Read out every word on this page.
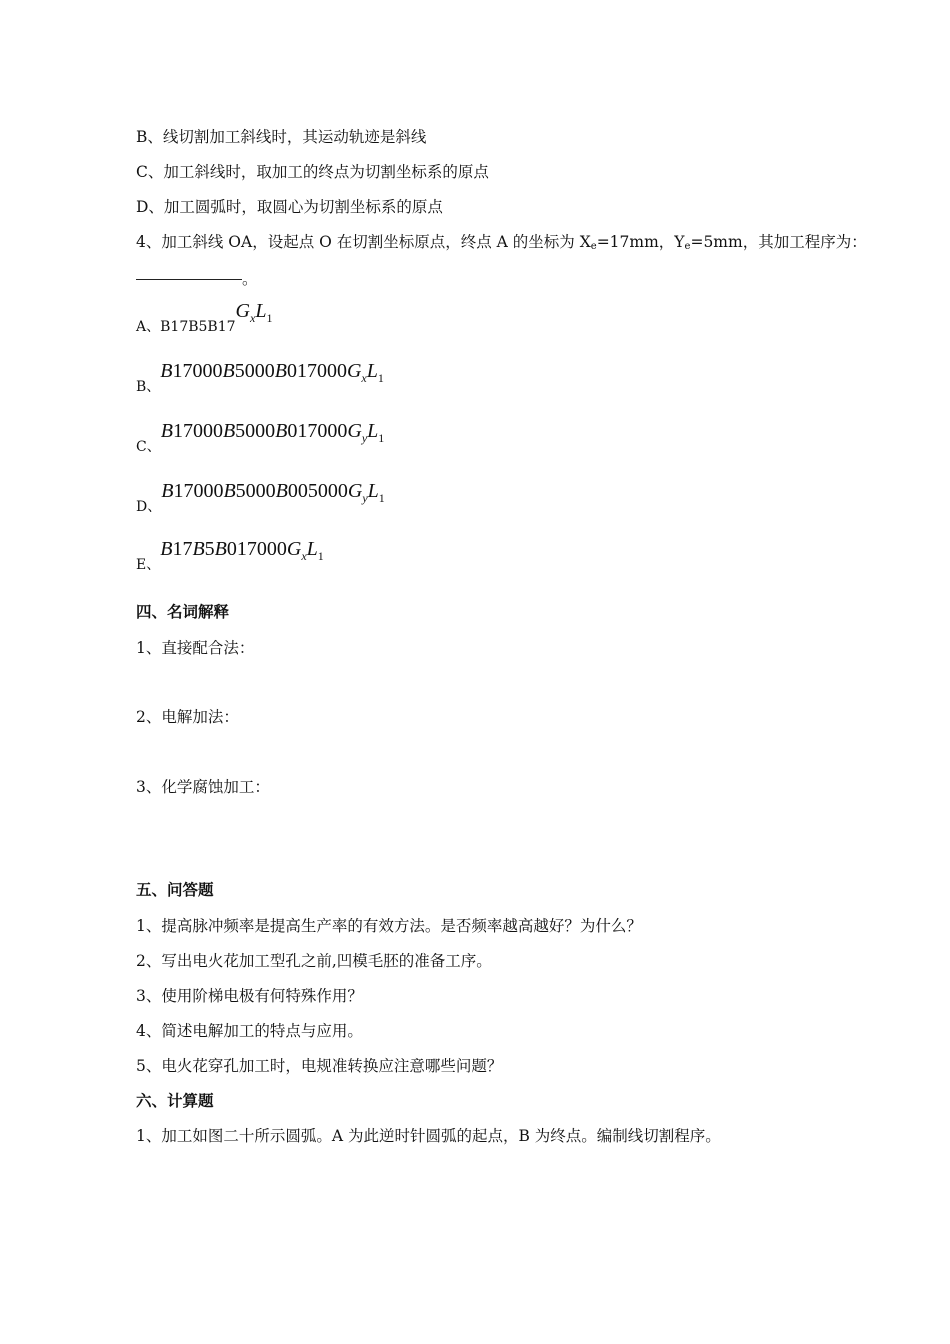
B、线切割加工斜线时，其运动轨迹是斜线
C、加工斜线时，取加工的终点为切割坐标系的原点
D、加工圆弧时，取圆心为切割坐标系的原点
4、加工斜线 OA，设起点 O 在切割坐标原点，终点 A 的坐标为 Xe=17mm，Ye=5mm，其加工程序为：
。
A、$B17B5B17G_xL_1$
B、$B17000B5000B017000G_xL_1$
C、$B17000B5000B017000G_yL_1$
D、$B17000B5000B005000G_yL_1$
E、$B17B5B017000G_xL_1$
四、名词解释
1、直接配合法：
2、电解加法：
3、化学腐蚀加工：
五、问答题
1、提高脉冲频率是提高生产率的有效方法。是否频率越高越好？为什么？
2、写出电火花加工型孔之前,凹模毛胚的准备工序。
3、使用阶梯电极有何特殊作用？
4、简述电解加工的特点与应用。
5、电火花穿孔加工时，电规准转换应注意哪些问题？
六、计算题
1、加工如图二十所示圆弧。A 为此逆时针圆弧的起点，B 为终点。编制线切割程序。
